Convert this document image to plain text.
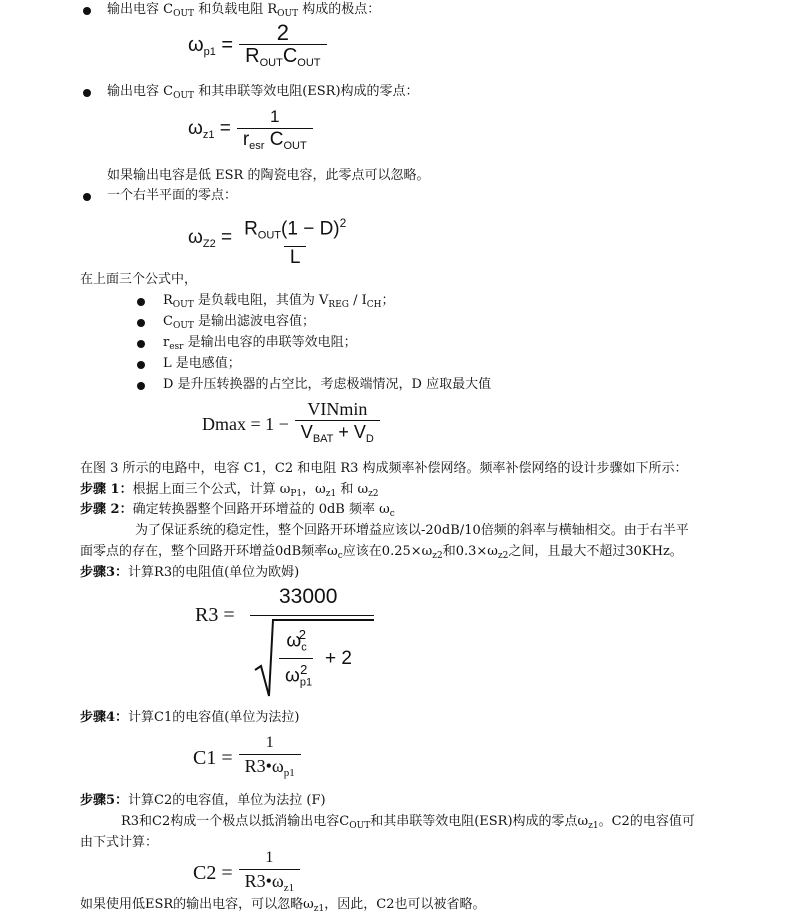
输出电容 $C_{OUT}$ 和负载电阻 $R_{OUT}$ 构成的极点：
$\omega_{p1} = \frac{2}{R_{OUT}C_{OUT}}$
输出电容 $C_{OUT}$ 和其串联等效电阻(ESR)构成的零点：
$\omega_{z1} = \frac{1}{r_{esr} C_{OUT}}$
如果输出电容是低 ESR 的陶瓷电容，此零点可以忽略。
一个右半平面的零点：
$\omega_{Z2} = \frac{R_{OUT}(1 - D)^2}{L}$
在上面三个公式中，
$R_{OUT}$ 是负载电阻，其值为 $V_{REG} / I_{CH}$；
$C_{OUT}$ 是输出滤波电容值；
$r_{esr}$ 是输出电容的串联等效电阻；
L 是电感值；
D 是升压转换器的占空比，考虑极端情况，D 应取最大值
$Dmax = 1 - \frac{\text{VINmin}}{V_{BAT} + V_D}$
在图 3 所示的电路中，电容 C1，C2 和电阻 R3 构成频率补偿网络。频率补偿网络的设计步骤如下所示：
步骤 1：根据上面三个公式，计算 $\omega_{P1}$，$\omega_{z1}$ 和 $\omega_{z2}$
步骤 2：确定转换器整个回路开环增益的 0dB 频率 $\omega_c$
为了保证系统的稳定性，整个回路开环增益应该以-20dB/10倍频的斜率与横轴相交。由于右半平
面零点的存在，整个回路开环增益0dB频率$\omega_c$应该在$0.25\times\omega_{z2}$和$0.3\times\omega_{z2}$之间，且最大不超过30KHz。
步骤3：计算R3的电阻值(单位为欧姆)
R3 =
33000
$\frac{\omega_c^2}{\omega_{p1}^2} + 2$
步骤4：计算C1的电容值(单位为法拉)
$C1 = \frac{1}{R3•\omega_{p1}}$
步骤5：计算C2的电容值，单位为法拉 (F)
R3和C2构成一个极点以抵消输出电容$C_{OUT}$和其串联等效电阻(ESR)构成的零点$\omega_{z1}$。C2的电容值可
由下式计算：
$C2 = \frac{1}{R3•\omega_{z1}}$
如果使用低ESR的输出电容，可以忽略$\omega_{z1}$，因此，C2也可以被省略。
